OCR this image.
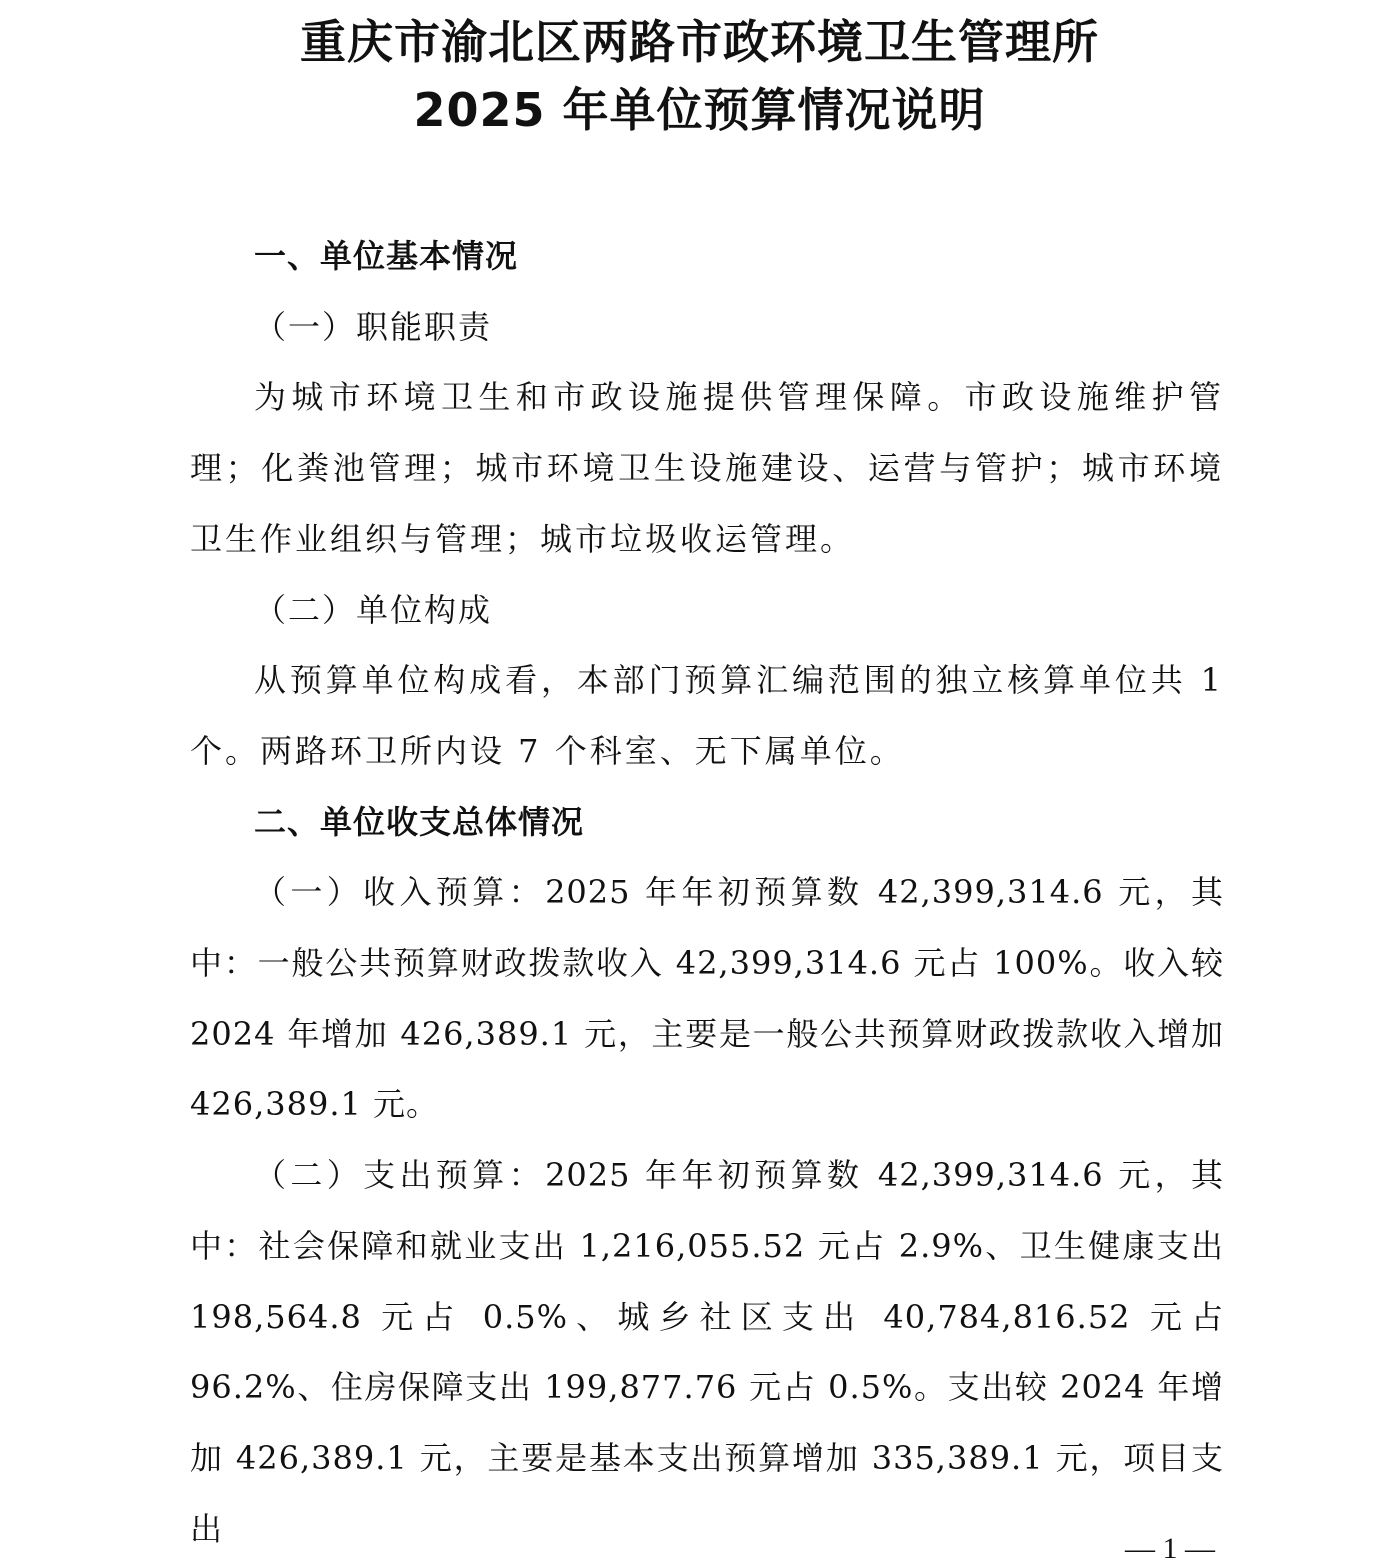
重庆市渝北区两路市政环境卫生管理所
2025 年单位预算情况说明

一、单位基本情况

（一）职能职责

为城市环境卫生和市政设施提供管理保障。市政设施维护管理；化粪池管理；城市环境卫生设施建设、运营与管护；城市环境卫生作业组织与管理；城市垃圾收运管理。

（二）单位构成

从预算单位构成看，本部门预算汇编范围的独立核算单位共 1 个。两路环卫所内设 7 个科室、无下属单位。

二、单位收支总体情况

（一）收入预算：2025 年年初预算数 42,399,314.6 元，其中：一般公共预算财政拨款收入 42,399,314.6 元占 100%。收入较 2024 年增加 426,389.1 元，主要是一般公共预算财政拨款收入增加 426,389.1 元。

（二）支出预算：2025 年年初预算数 42,399,314.6 元，其中：社会保障和就业支出 1,216,055.52 元占 2.9%、卫生健康支出 198,564.8 元占 0.5%、城乡社区支出 40,784,816.52 元占 96.2%、住房保障支出 199,877.76 元占 0.5%。支出较 2024 年增加 426,389.1 元，主要是基本支出预算增加 335,389.1 元，项目支出

— 1 —
